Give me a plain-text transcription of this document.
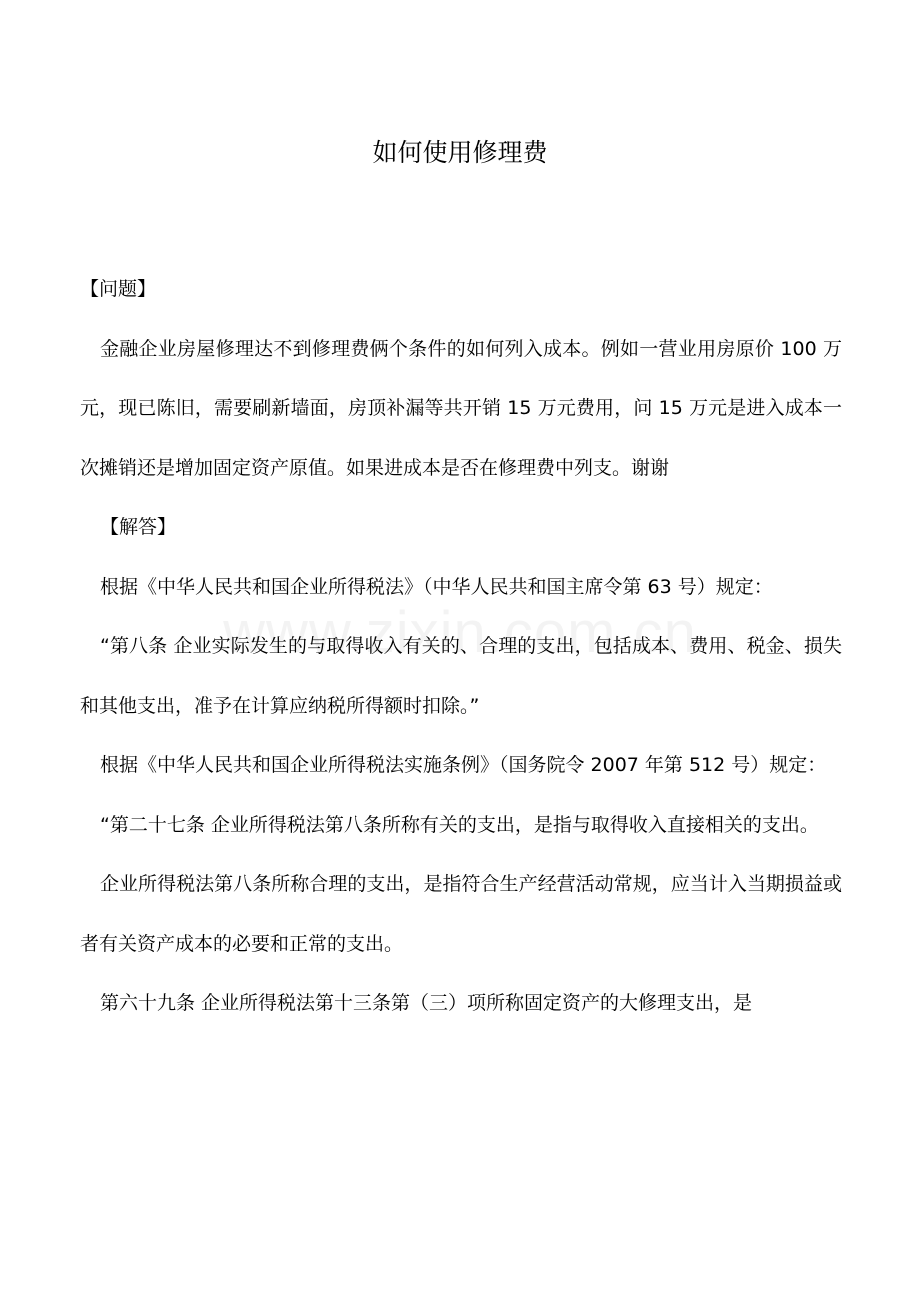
如何使用修理费

【问题】

金融企业房屋修理达不到修理费俩个条件的如何列入成本。例如一营业用房原价 100 万元，现已陈旧，需要刷新墙面，房顶补漏等共开销 15 万元费用，问 15 万元是进入成本一次摊销还是增加固定资产原值。如果进成本是否在修理费中列支。谢谢

【解答】

根据《中华人民共和国企业所得税法》（中华人民共和国主席令第 63 号）规定：

“第八条 企业实际发生的与取得收入有关的、合理的支出，包括成本、费用、税金、损失和其他支出，准予在计算应纳税所得额时扣除。”

根据《中华人民共和国企业所得税法实施条例》（国务院令 2007 年第 512 号）规定：

“第二十七条 企业所得税法第八条所称有关的支出，是指与取得收入直接相关的支出。

企业所得税法第八条所称合理的支出，是指符合生产经营活动常规，应当计入当期损益或者有关资产成本的必要和正常的支出。

第六十九条 企业所得税法第十三条第（三）项所称固定资产的大修理支出，是
